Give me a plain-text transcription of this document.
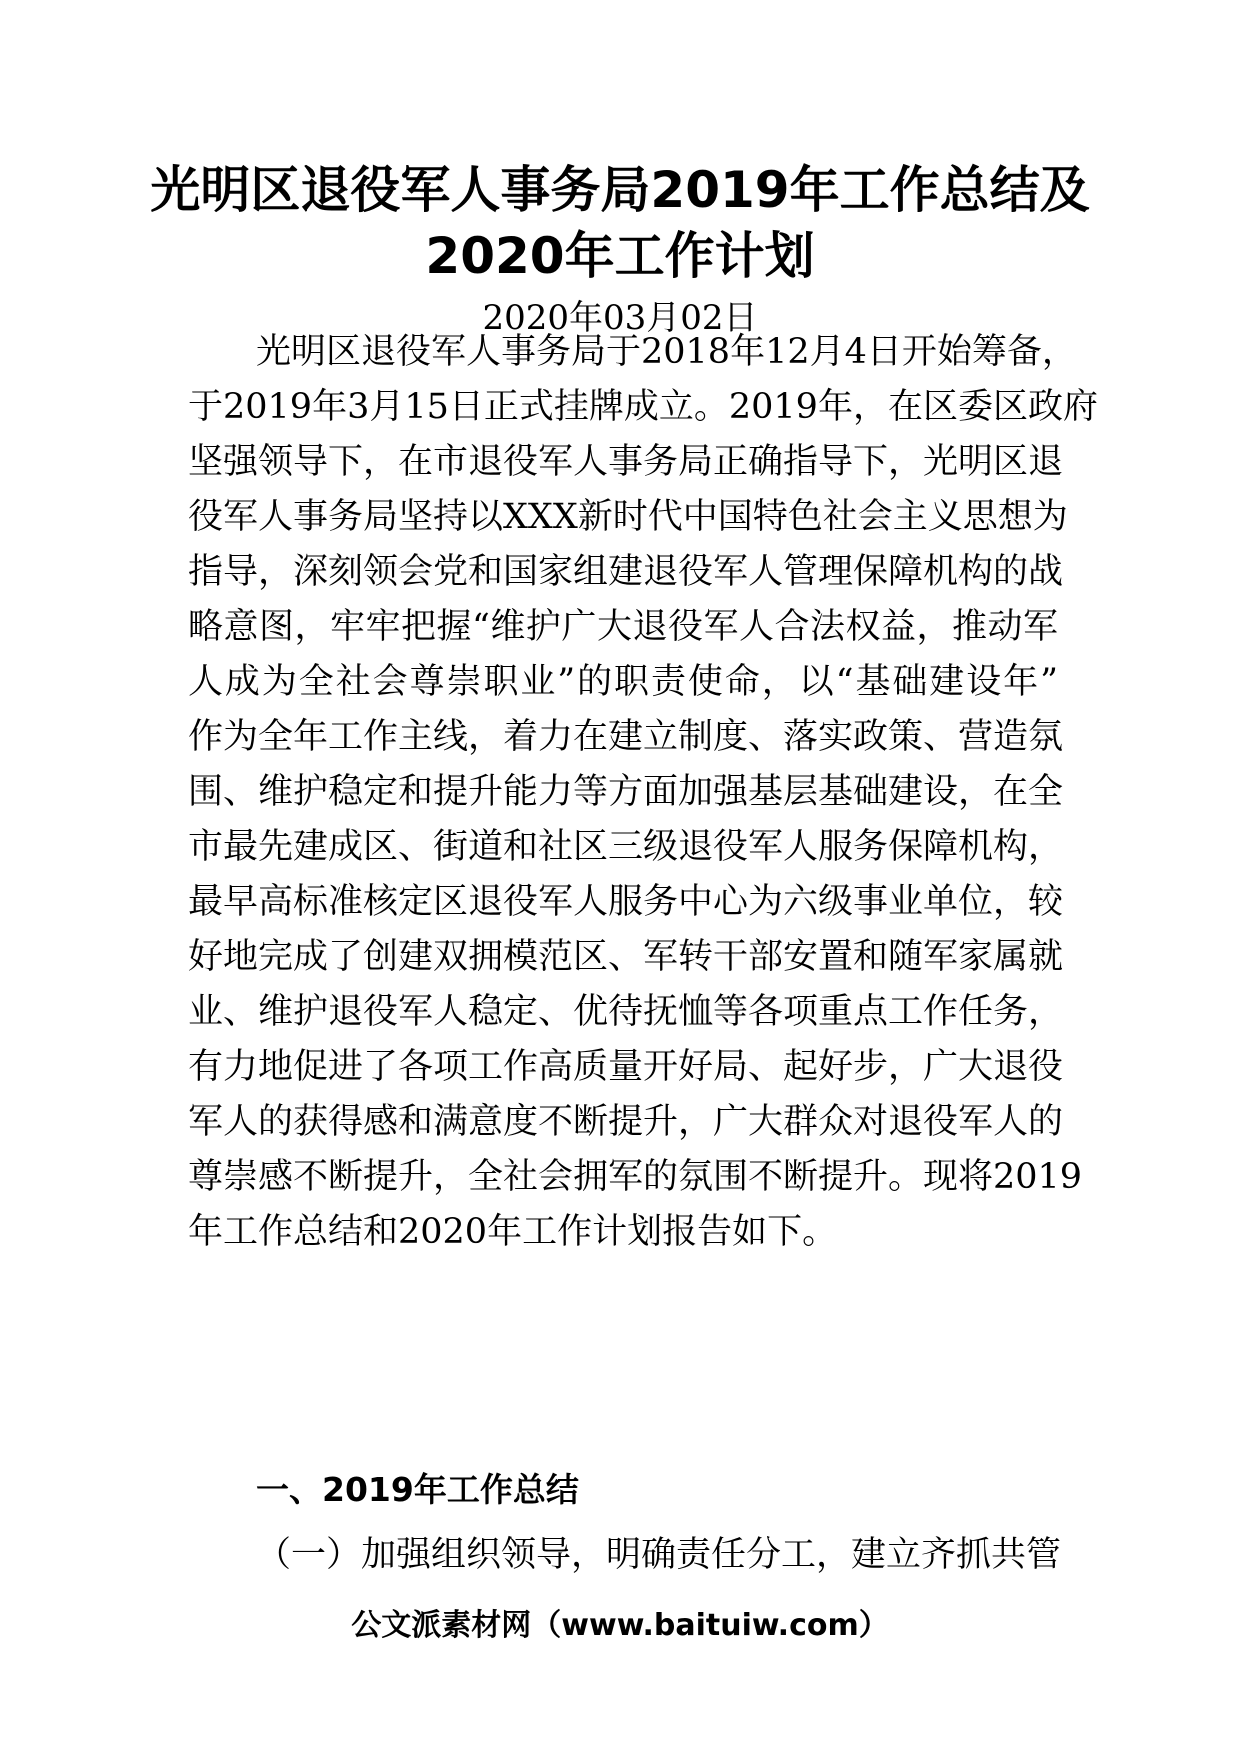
光明区退役军人事务局2019年工作总结及
2020年工作计划
2020年03月02日
光明区退役军人事务局于2018年12月4日开始筹备，
于2019年3月15日正式挂牌成立。2019年，在区委区政府
坚强领导下，在市退役军人事务局正确指导下，光明区退
役军人事务局坚持以XXX新时代中国特色社会主义思想为
指导，深刻领会党和国家组建退役军人管理保障机构的战
略意图，牢牢把握“维护广大退役军人合法权益，推动军
人成为全社会尊崇职业”的职责使命，以“基础建设年”
作为全年工作主线，着力在建立制度、落实政策、营造氛
围、维护稳定和提升能力等方面加强基层基础建设，在全
市最先建成区、街道和社区三级退役军人服务保障机构，
最早高标准核定区退役军人服务中心为六级事业单位，较
好地完成了创建双拥模范区、军转干部安置和随军家属就
业、维护退役军人稳定、优待抚恤等各项重点工作任务，
有力地促进了各项工作高质量开好局、起好步，广大退役
军人的获得感和满意度不断提升，广大群众对退役军人的
尊崇感不断提升，全社会拥军的氛围不断提升。现将2019
年工作总结和2020年工作计划报告如下。
一、2019年工作总结
（一）加强组织领导，明确责任分工，建立齐抓共管
公文派素材网（www.baituiw.com）
